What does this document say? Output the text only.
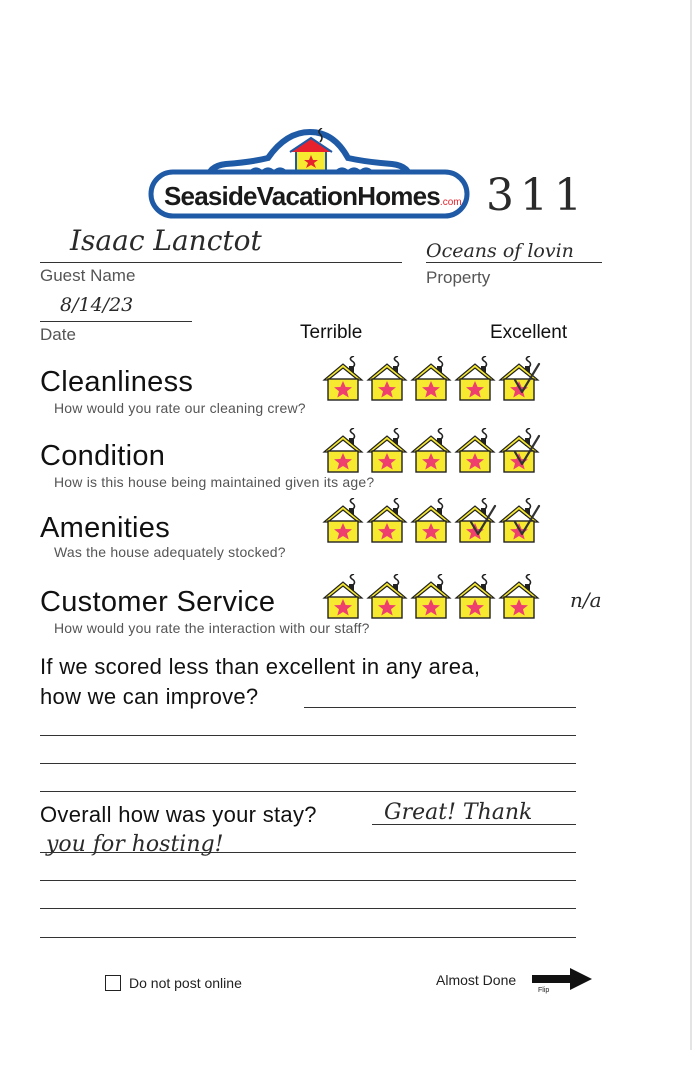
SeasideVacationHomes.com 311
Isaac Lanctot
Guest Name
Oceans of lovin
Property
8/14/23
Date	Terrible	Excellent
Cleanliness
How would you rate our cleaning crew?
Condition
How is this house being maintained given its age?
Amenities
Was the house adequately stocked?
Customer Service
How would you rate the interaction with our staff?
n/a
If we scored less than excellent in any area,
how we can improve?
Overall how was your stay?	Great! Thank
you for hosting!
Do not post online	Almost Done
Flip
